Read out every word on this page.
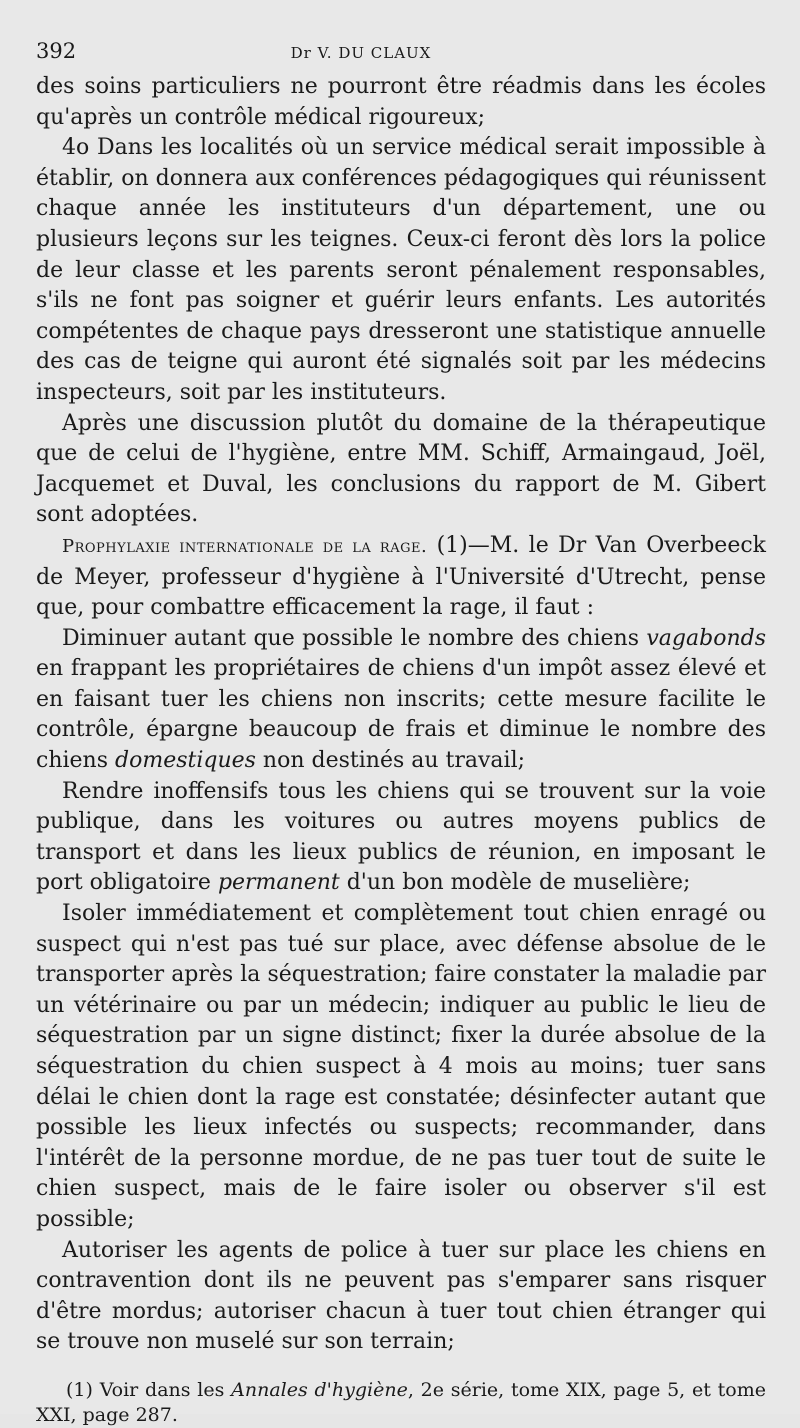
392	Dr V. DU CLAUX

des soins particuliers ne pourront être réadmis dans les écoles qu'après un contrôle médical rigoureux;

4o Dans les localités où un service médical serait impossible à établir, on donnera aux conférences pédagogiques qui réunissent chaque année les instituteurs d'un département, une ou plusieurs leçons sur les teignes. Ceux-ci feront dès lors la police de leur classe et les parents seront pénalement responsables, s'ils ne font pas soigner et guérir leurs enfants. Les autorités compétentes de chaque pays dresseront une statistique annuelle des cas de teigne qui auront été signalés soit par les médecins inspecteurs, soit par les instituteurs.

Après une discussion plutôt du domaine de la thérapeutique que de celui de l'hygiène, entre MM. Schiff, Armaingaud, Joël, Jacquemet et Duval, les conclusions du rapport de M. Gibert sont adoptées.

Prophylaxie internationale de la rage. (1)—M. le Dr Van Overbeeck de Meyer, professeur d'hygiène à l'Université d'Utrecht, pense que, pour combattre efficacement la rage, il faut :

Diminuer autant que possible le nombre des chiens vagabonds en frappant les propriétaires de chiens d'un impôt assez élevé et en faisant tuer les chiens non inscrits; cette mesure facilite le contrôle, épargne beaucoup de frais et diminue le nombre des chiens domestiques non destinés au travail;

Rendre inoffensifs tous les chiens qui se trouvent sur la voie publique, dans les voitures ou autres moyens publics de transport et dans les lieux publics de réunion, en imposant le port obligatoire permanent d'un bon modèle de muselière;

Isoler immédiatement et complètement tout chien enragé ou suspect qui n'est pas tué sur place, avec défense absolue de le transporter après la séquestration; faire constater la maladie par un vétérinaire ou par un médecin; indiquer au public le lieu de séquestration par un signe distinct; fixer la durée absolue de la séquestration du chien suspect à 4 mois au moins; tuer sans délai le chien dont la rage est constatée; désinfecter autant que possible les lieux infectés ou suspects; recommander, dans l'intérêt de la personne mordue, de ne pas tuer tout de suite le chien suspect, mais de le faire isoler ou observer s'il est possible;

Autoriser les agents de police à tuer sur place les chiens en contravention dont ils ne peuvent pas s'emparer sans risquer d'être mordus; autoriser chacun à tuer tout chien étranger qui se trouve non muselé sur son terrain;

(1) Voir dans les Annales d'hygiène, 2e série, tome XIX, page 5, et tome XXI, page 287.
